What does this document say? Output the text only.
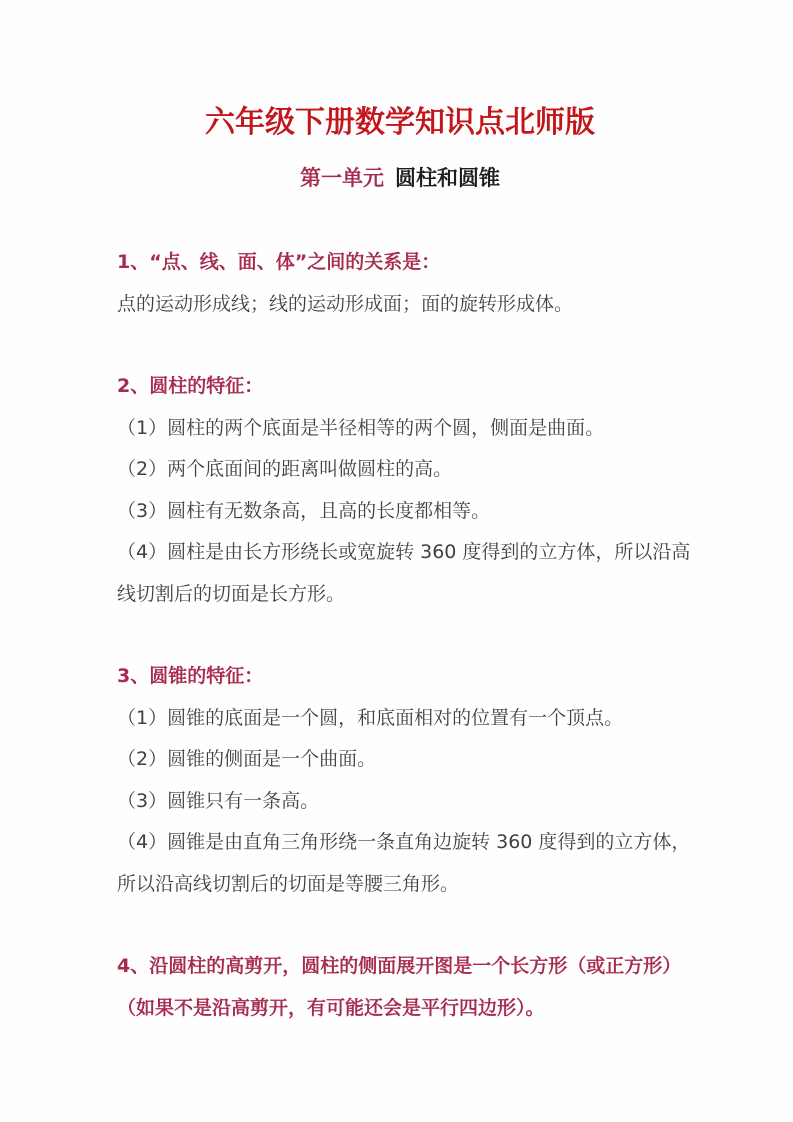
六年级下册数学知识点北师版
第一单元 圆柱和圆锥
1、“点、线、面、体”之间的关系是：
点的运动形成线；线的运动形成面；面的旋转形成体。
2、圆柱的特征：
（1）圆柱的两个底面是半径相等的两个圆，侧面是曲面。
（2）两个底面间的距离叫做圆柱的高。
（3）圆柱有无数条高，且高的长度都相等。
（4）圆柱是由长方形绕长或宽旋转 360 度得到的立方体，所以沿高
线切割后的切面是长方形。
3、圆锥的特征：
（1）圆锥的底面是一个圆，和底面相对的位置有一个顶点。
（2）圆锥的侧面是一个曲面。
（3）圆锥只有一条高。
（4）圆锥是由直角三角形绕一条直角边旋转 360 度得到的立方体，
所以沿高线切割后的切面是等腰三角形。
4、沿圆柱的高剪开，圆柱的侧面展开图是一个长方形（或正方形）
（如果不是沿高剪开，有可能还会是平行四边形）。
